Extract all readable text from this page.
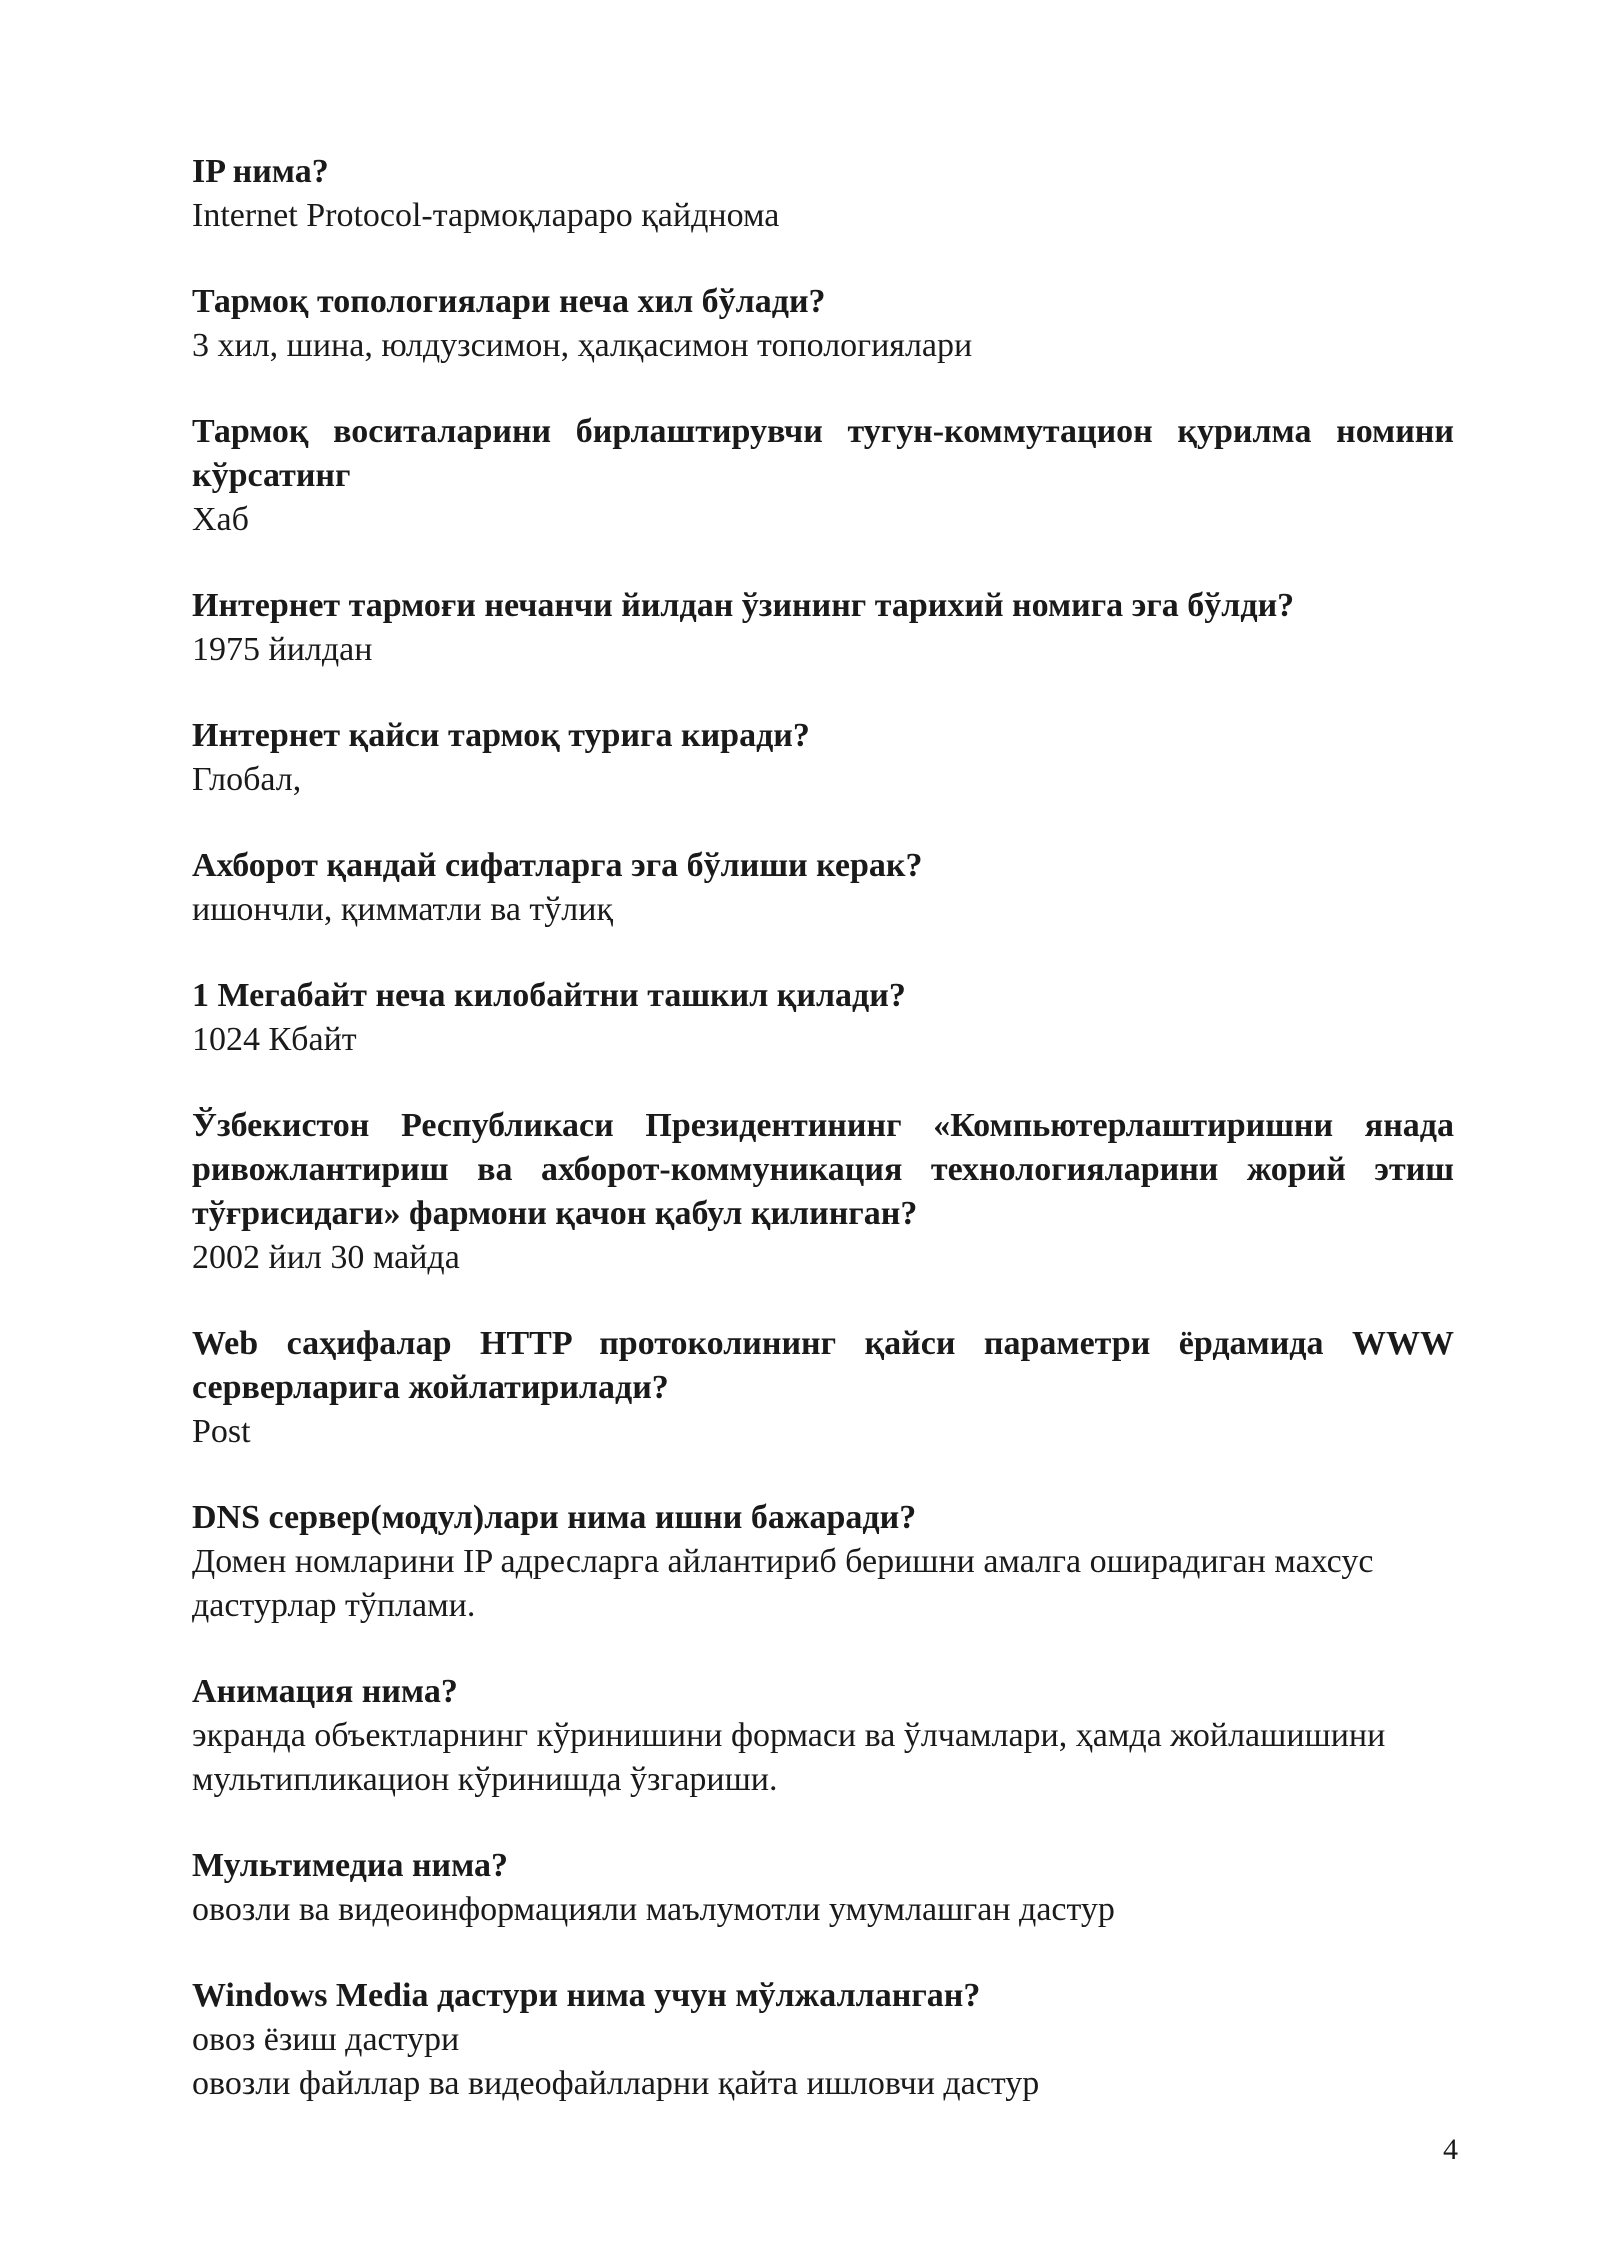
IP нима?

Internet Protocol-тармоқлараро қайднома

Тармоқ топологиялари неча хил бўлади?

3 хил, шина, юлдузсимон, ҳалқасимон топологиялари

Тармоқ воситаларини бирлаштирувчи тугун-коммутацион қурилма номини кўрсатинг

Хаб

Интернет тармоғи нечанчи йилдан ўзининг тарихий номига эга бўлди?

1975 йилдан

Интернет қайси тармоқ турига киради?

Глобал,

Ахборот қандай сифатларга эга бўлиши керак?

ишончли, қимматли ва тўлиқ

1 Мегабайт неча килобайтни ташкил қилади?

1024 Кбайт

Ўзбекистон Республикаси Президентининг «Компьютерлаштиришни янада ривожлантириш ва ахборот-коммуникация технологияларини жорий этиш тўғрисидаги» фармони қачон қабул қилинган?

2002 йил 30 майда

Web саҳифалар HTTP протоколининг қайси параметри ёрдамида WWW серверларига жойлатирилади?

Post

DNS сервер(модул)лари нима ишни бажаради?

Домен номларини IP адресларга айлантириб беришни амалга оширадиган махсус дастурлар тўплами.

Анимация нима?

экранда объектларнинг кўринишини формаси ва ўлчамлари, ҳамда жойлашишини мультипликацион кўринишда ўзгариши.

Мультимедиа нима?

овозли ва видеоинформацияли маълумотли умумлашган дастур

Windows Media дастури нима учун мўлжалланган?

овоз ёзиш дастури

овозли файллар ва видеофайлларни қайта ишловчи дастур

4
